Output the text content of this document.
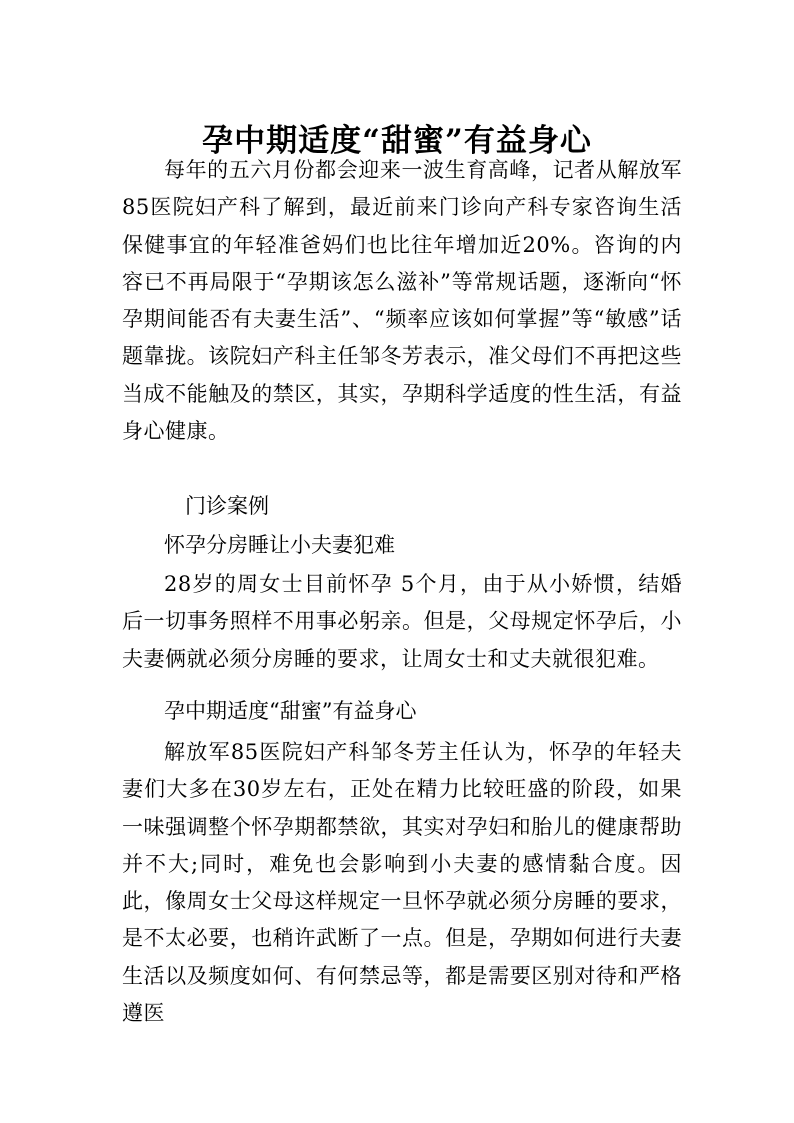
孕中期适度“甜蜜”有益身心

每年的五六月份都会迎来一波生育高峰，记者从解放军85医院妇产科了解到，最近前来门诊向产科专家咨询生活保健事宜的年轻准爸妈们也比往年增加近20%。咨询的内容已不再局限于“孕期该怎么滋补”等常规话题，逐渐向“怀孕期间能否有夫妻生活”、“频率应该如何掌握”等“敏感”话题靠拢。该院妇产科主任邹冬芳表示，准父母们不再把这些当成不能触及的禁区，其实，孕期科学适度的性生活，有益身心健康。

门诊案例

怀孕分房睡让小夫妻犯难

28岁的周女士目前怀孕 5个月，由于从小娇惯，结婚后一切事务照样不用事必躬亲。但是，父母规定怀孕后，小夫妻俩就必须分房睡的要求，让周女士和丈夫就很犯难。

孕中期适度“甜蜜”有益身心

解放军85医院妇产科邹冬芳主任认为，怀孕的年轻夫妻们大多在30岁左右，正处在精力比较旺盛的阶段，如果一味强调整个怀孕期都禁欲，其实对孕妇和胎儿的健康帮助并不大;同时，难免也会影响到小夫妻的感情黏合度。因此，像周女士父母这样规定一旦怀孕就必须分房睡的要求，是不太必要，也稍许武断了一点。但是，孕期如何进行夫妻生活以及频度如何、有何禁忌等，都是需要区别对待和严格遵医
